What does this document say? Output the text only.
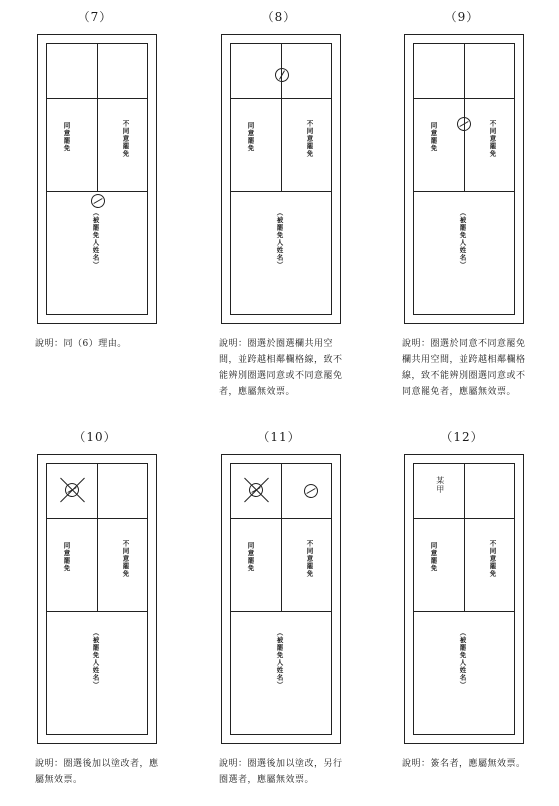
（7）
同意罷免	不同意罷免
（被罷免人姓名）
說明：同（6）理由。
（8）
同意罷免	不同意罷免
（被罷免人姓名）
說明：圈選於圈選欄共用空間，並跨越相鄰欄格線，致不能辨別圈選同意或不同意罷免者，應屬無效票。
（9）
同意罷免	不同意罷免
（被罷免人姓名）
說明：圈選於同意不同意罷免欄共用空間，並跨越相鄰欄格線，致不能辨別圈選同意或不同意罷免者，應屬無效票。
（10）
同意罷免	不同意罷免
（被罷免人姓名）
說明：圈選後加以塗改者，應屬無效票。
（11）
同意罷免	不同意罷免
（被罷免人姓名）
說明：圈選後加以塗改，另行圈選者，應屬無效票。
（12）
同意罷免	不同意罷免
（被罷免人姓名）
某甲
說明：簽名者，應屬無效票。
